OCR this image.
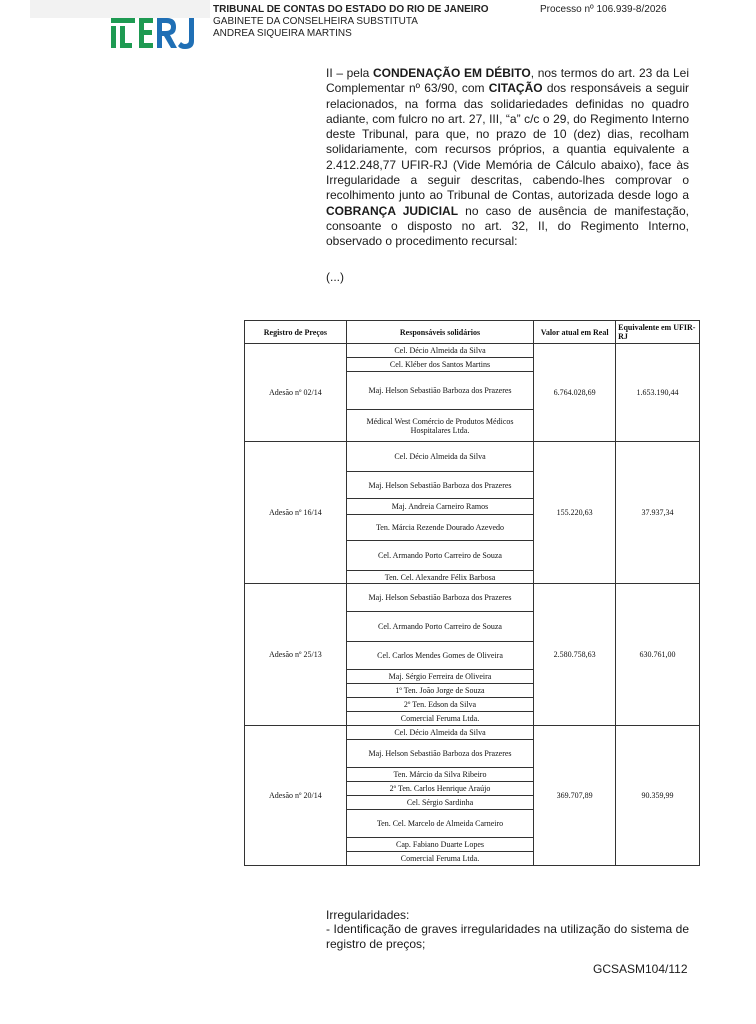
TRIBUNAL DE CONTAS DO ESTADO DO RIO DE JANEIRO
GABINETE DA CONSELHEIRA SUBSTITUTA
ANDREA SIQUEIRA MARTINS
Processo nº 106.939-8/2026
II – pela CONDENAÇÃO EM DÉBITO, nos termos do art. 23 da Lei Complementar nº 63/90, com CITAÇÃO dos responsáveis a seguir relacionados, na forma das solidariedades definidas no quadro adiante, com fulcro no art. 27, III, “a” c/c o 29, do Regimento Interno deste Tribunal, para que, no prazo de 10 (dez) dias, recolham solidariamente, com recursos próprios, a quantia equivalente a 2.412.248,77 UFIR-RJ (Vide Memória de Cálculo abaixo), face às Irregularidade a seguir descritas, cabendo-lhes comprovar o recolhimento junto ao Tribunal de Contas, autorizada desde logo a COBRANÇA JUDICIAL no caso de ausência de manifestação, consoante o disposto no art. 32, II, do Regimento Interno, observado o procedimento recursal:
(...)
Registro de Preços	Responsáveis solidários	Valor atual em Real	Equivalente em UFIR-RJ
Adesão nº 02/14	Cel. Décio Almeida da Silva	6.764.028,69	1.653.190,44
	Cel. Kléber dos Santos Martins		
	Maj. Helson Sebastião Barboza dos Prazeres		
	Médical West Comércio de Produtos Médicos Hospitalares Ltda.		
Adesão nº 16/14	Cel. Décio Almeida da Silva	155.220,63	37.937,34
	Maj. Helson Sebastião Barboza dos Prazeres		
	Maj. Andreia Carneiro Ramos		
	Ten. Márcia Rezende Dourado Azevedo		
	Cel. Armando Porto Carreiro de Souza		
	Ten. Cel. Alexandre Félix Barbosa		
Adesão nº 25/13	Maj. Helson Sebastião Barboza dos Prazeres	2.580.758,63	630.761,00
	Cel. Armando Porto Carreiro de Souza		
	Cel. Carlos Mendes Gomes de Oliveira		
	Maj. Sérgio Ferreira de Oliveira		
	1º Ten. João Jorge de Souza		
	2º Ten. Edson da Silva		
	Comercial Feruma Ltda.		
Adesão nº 20/14	Cel. Décio Almeida da Silva	369.707,89	90.359,99
	Maj. Helson Sebastião Barboza dos Prazeres		
	Ten. Márcio da Silva Ribeiro		
	2º Ten. Carlos Henrique Araújo		
	Cel. Sérgio Sardinha		
	Ten. Cel. Marcelo de Almeida Carneiro		
	Cap. Fabiano Duarte Lopes		
	Comercial Feruma Ltda.		
Irregularidades:
- Identificação de graves irregularidades na utilização do sistema de registro de preços;
GCSASM104/112
